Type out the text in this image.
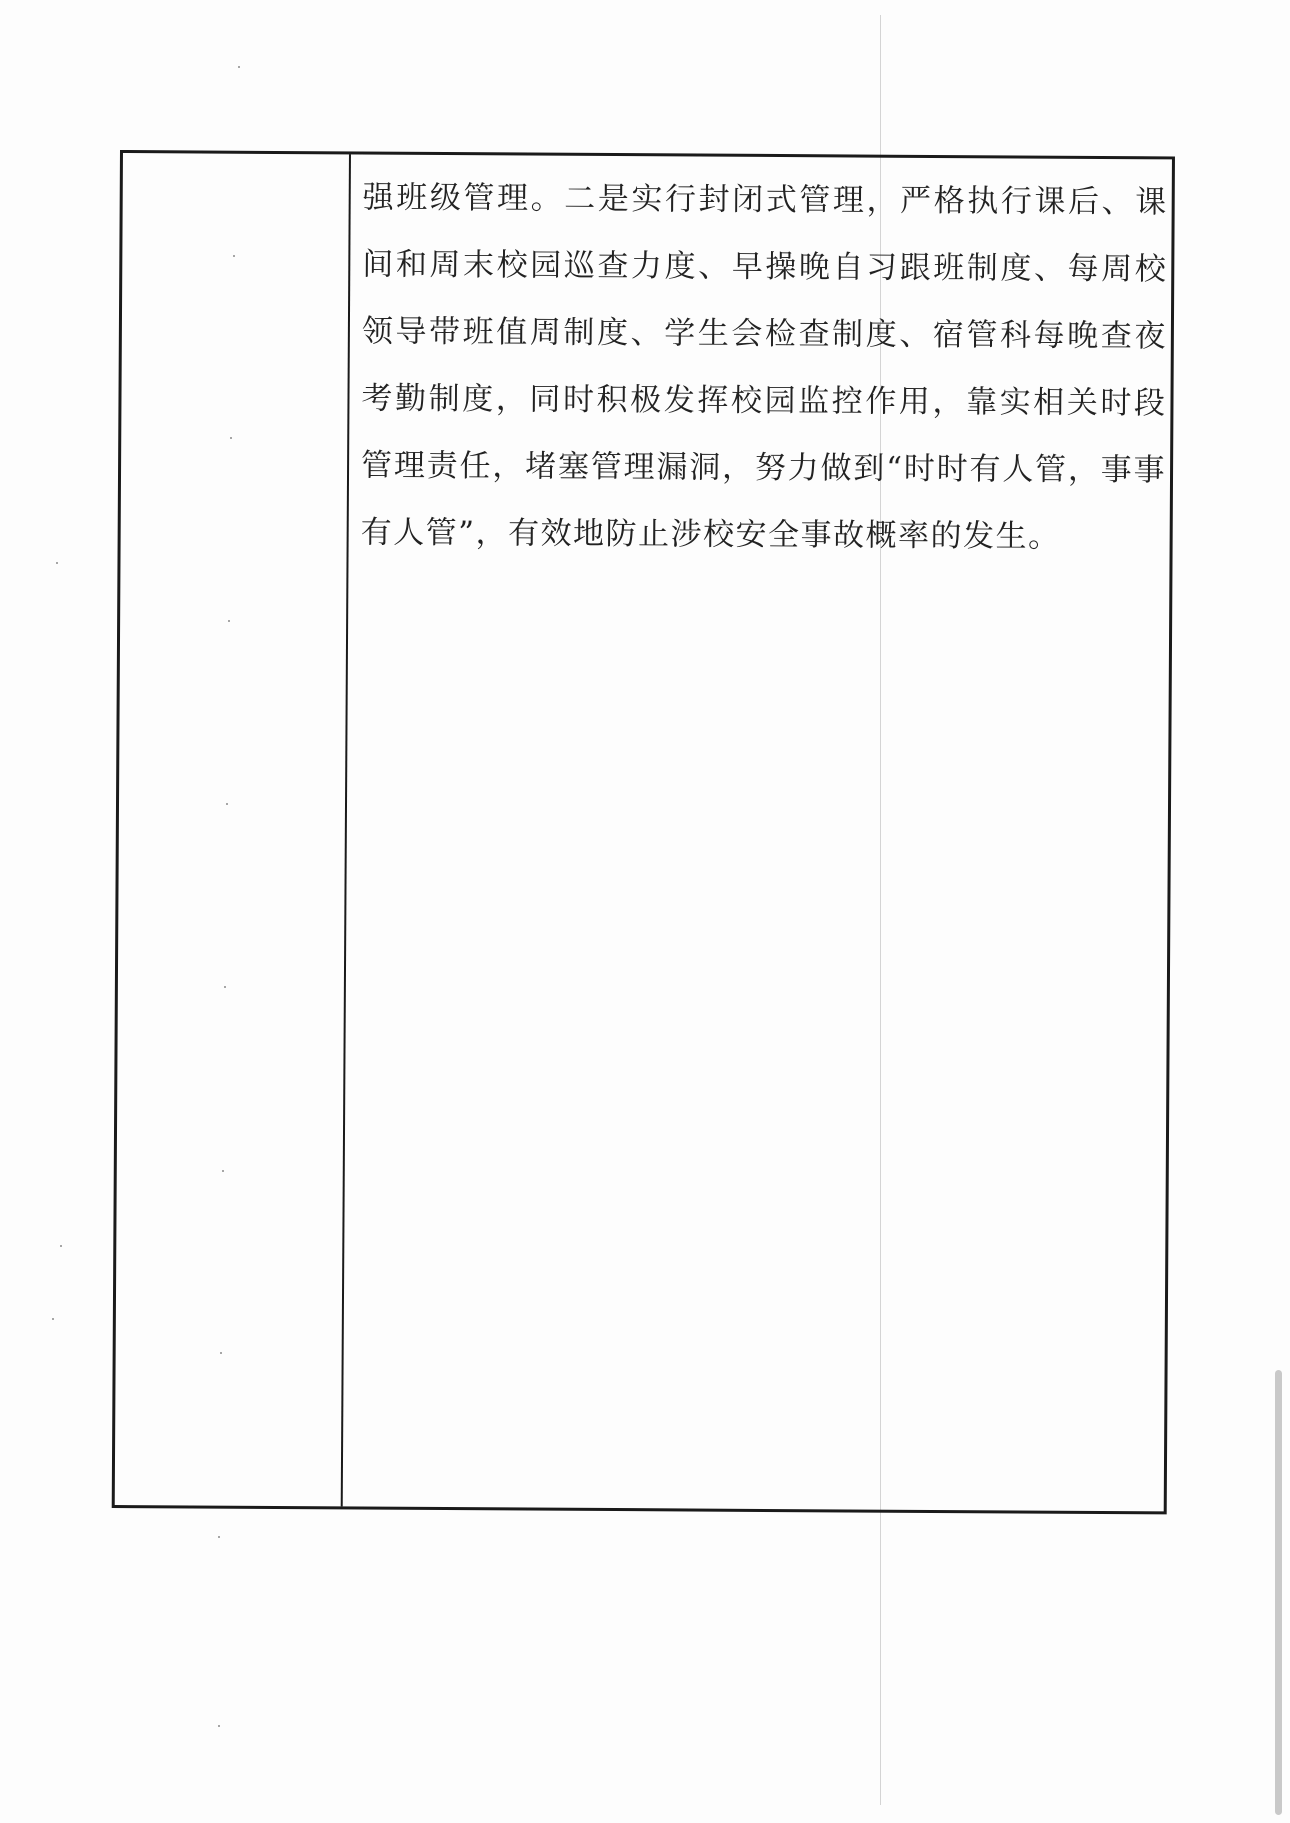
强班级管理。二是实行封闭式管理，严格执行课后、课间和周末校园巡查力度、早操晚自习跟班制度、每周校领导带班值周制度、学生会检查制度、宿管科每晚查夜考勤制度，同时积极发挥校园监控作用，靠实相关时段管理责任，堵塞管理漏洞，努力做到“时时有人管，事事有人管”，有效地防止涉校安全事故概率的发生。
